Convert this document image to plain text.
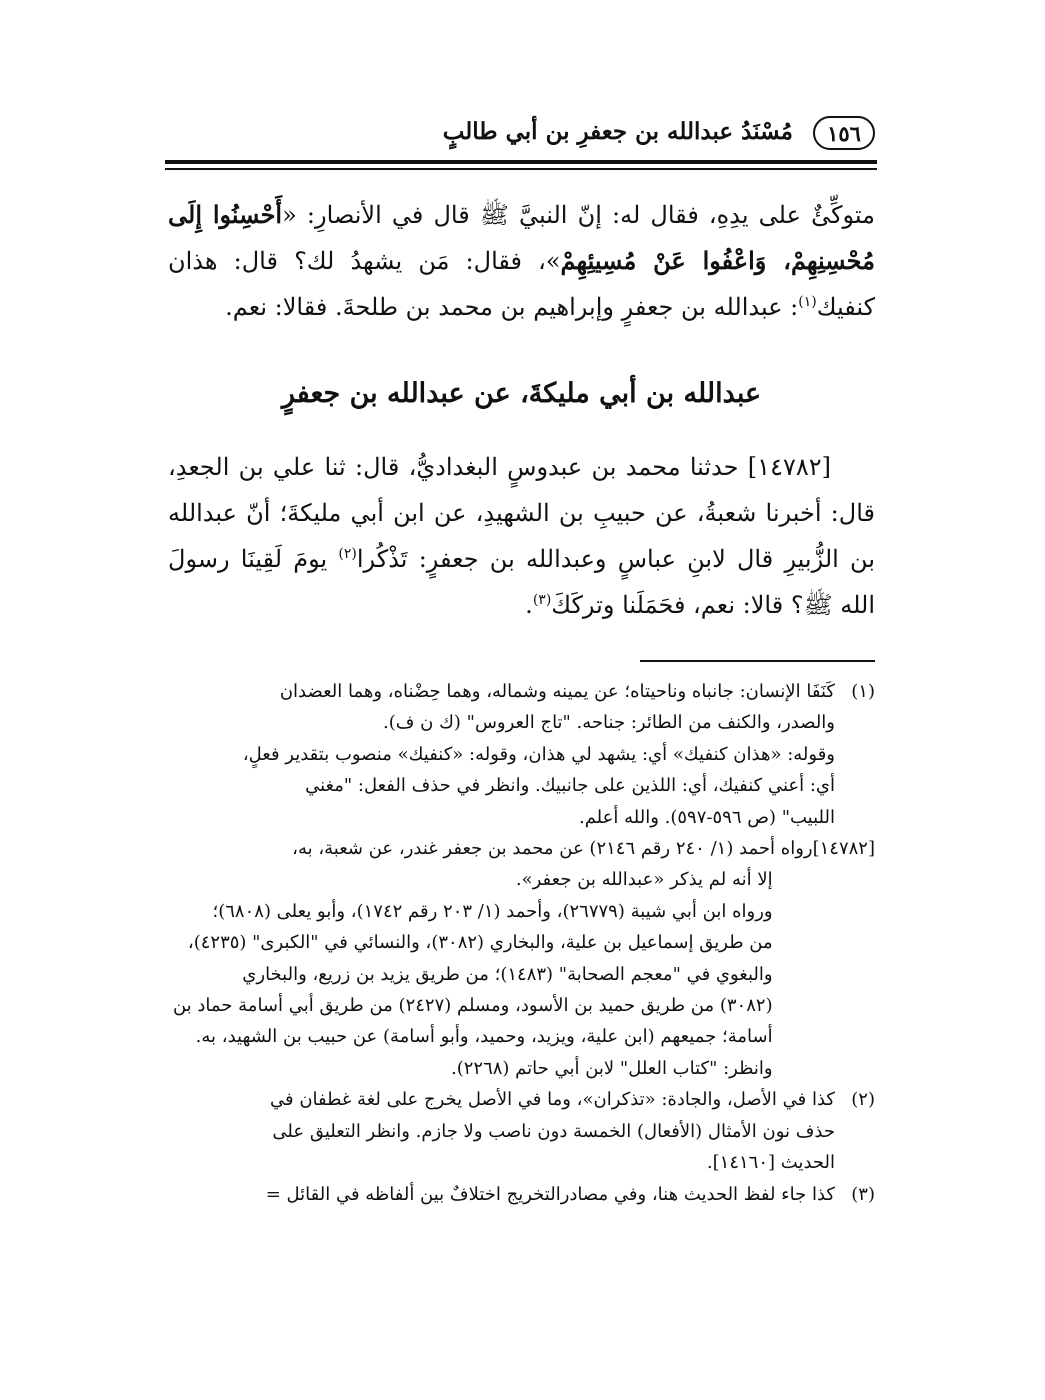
١٥٦
مُسْنَدُ عبدالله بن جعفرِ بن أبي طالبٍ
متوكِّئٌ على يدِهِ، فقال له: إنّ النبيَّ ﷺ قال في الأنصارِ: «أَحْسِنُوا إِلَى مُحْسِنِهِمْ، وَاعْفُوا عَنْ مُسِيئِهِمْ»، فقال: مَن يشهدُ لك؟ قال: هذان كنفيك$^{(١)}$: عبدالله بن جعفرٍ وإبراهيم بن محمد بن طلحةَ. فقالا: نعم.
عبدالله بن أبي مليكةَ، عن عبدالله بن جعفرٍ
[١٤٧٨٢] حدثنا محمد بن عبدوسٍ البغداديُّ، قال: ثنا علي بن الجعدِ، قال: أخبرنا شعبةُ، عن حبيبِ بن الشهيدِ، عن ابن أبي مليكةَ؛ أنّ عبدالله بن الزُّبيرِ قال لابنِ عباسٍ وعبدالله بن جعفرٍ: تَذْكُرا$^{(٢)}$ يومَ لَقِينَا رسولَ الله ﷺ؟ قالا: نعم، فحَمَلَنا وتركَكَ$^{(٣)}$.
(١)
كَنَفَا الإنسان: جانباه وناحيتاه؛ عن يمينه وشماله، وهما حِضْناه، وهما العضدان
والصدر، والكنف من الطائر: جناحه. "تاج العروس" (ك ن ف).
وقوله: «هذان كنفيك» أي: يشهد لي هذان، وقوله: «كنفيك» منصوب بتقدير فعلٍ،
أي: أعني كنفيك، أي: اللذين على جانبيك. وانظر في حذف الفعل: "مغني
اللبيب" (ص ٥٩٦-٥٩٧). والله أعلم.
[١٤٧٨٢]
رواه أحمد (١/ ٢٤٠ رقم ٢١٤٦) عن محمد بن جعفر غندر، عن شعبة، به،
إلا أنه لم يذكر «عبدالله بن جعفر».
ورواه ابن أبي شيبة (٢٦٧٧٩)، وأحمد (١/ ٢٠٣ رقم ١٧٤٢)، وأبو يعلى (٦٨٠٨)؛
من طريق إسماعيل بن علية، والبخاري (٣٠٨٢)، والنسائي في "الكبرى" (٤٢٣٥)،
والبغوي في "معجم الصحابة" (١٤٨٣)؛ من طريق يزيد بن زريع، والبخاري
(٣٠٨٢) من طريق حميد بن الأسود، ومسلم (٢٤٢٧) من طريق أبي أسامة حماد بن
أسامة؛ جميعهم (ابن علية، ويزيد، وحميد، وأبو أسامة) عن حبيب بن الشهيد، به.
وانظر: "كتاب العلل" لابن أبي حاتم (٢٢٦٨).
(٢)
كذا في الأصل، والجادة: «تذكران»، وما في الأصل يخرج على لغة غطفان في
حذف نون الأمثال (الأفعال) الخمسة دون ناصب ولا جازم. وانظر التعليق على
الحديث [١٤١٦٠].
(٣)
كذا جاء لفظ الحديث هنا، وفي مصادرالتخريج اختلافٌ بين ألفاظه في القائل =
